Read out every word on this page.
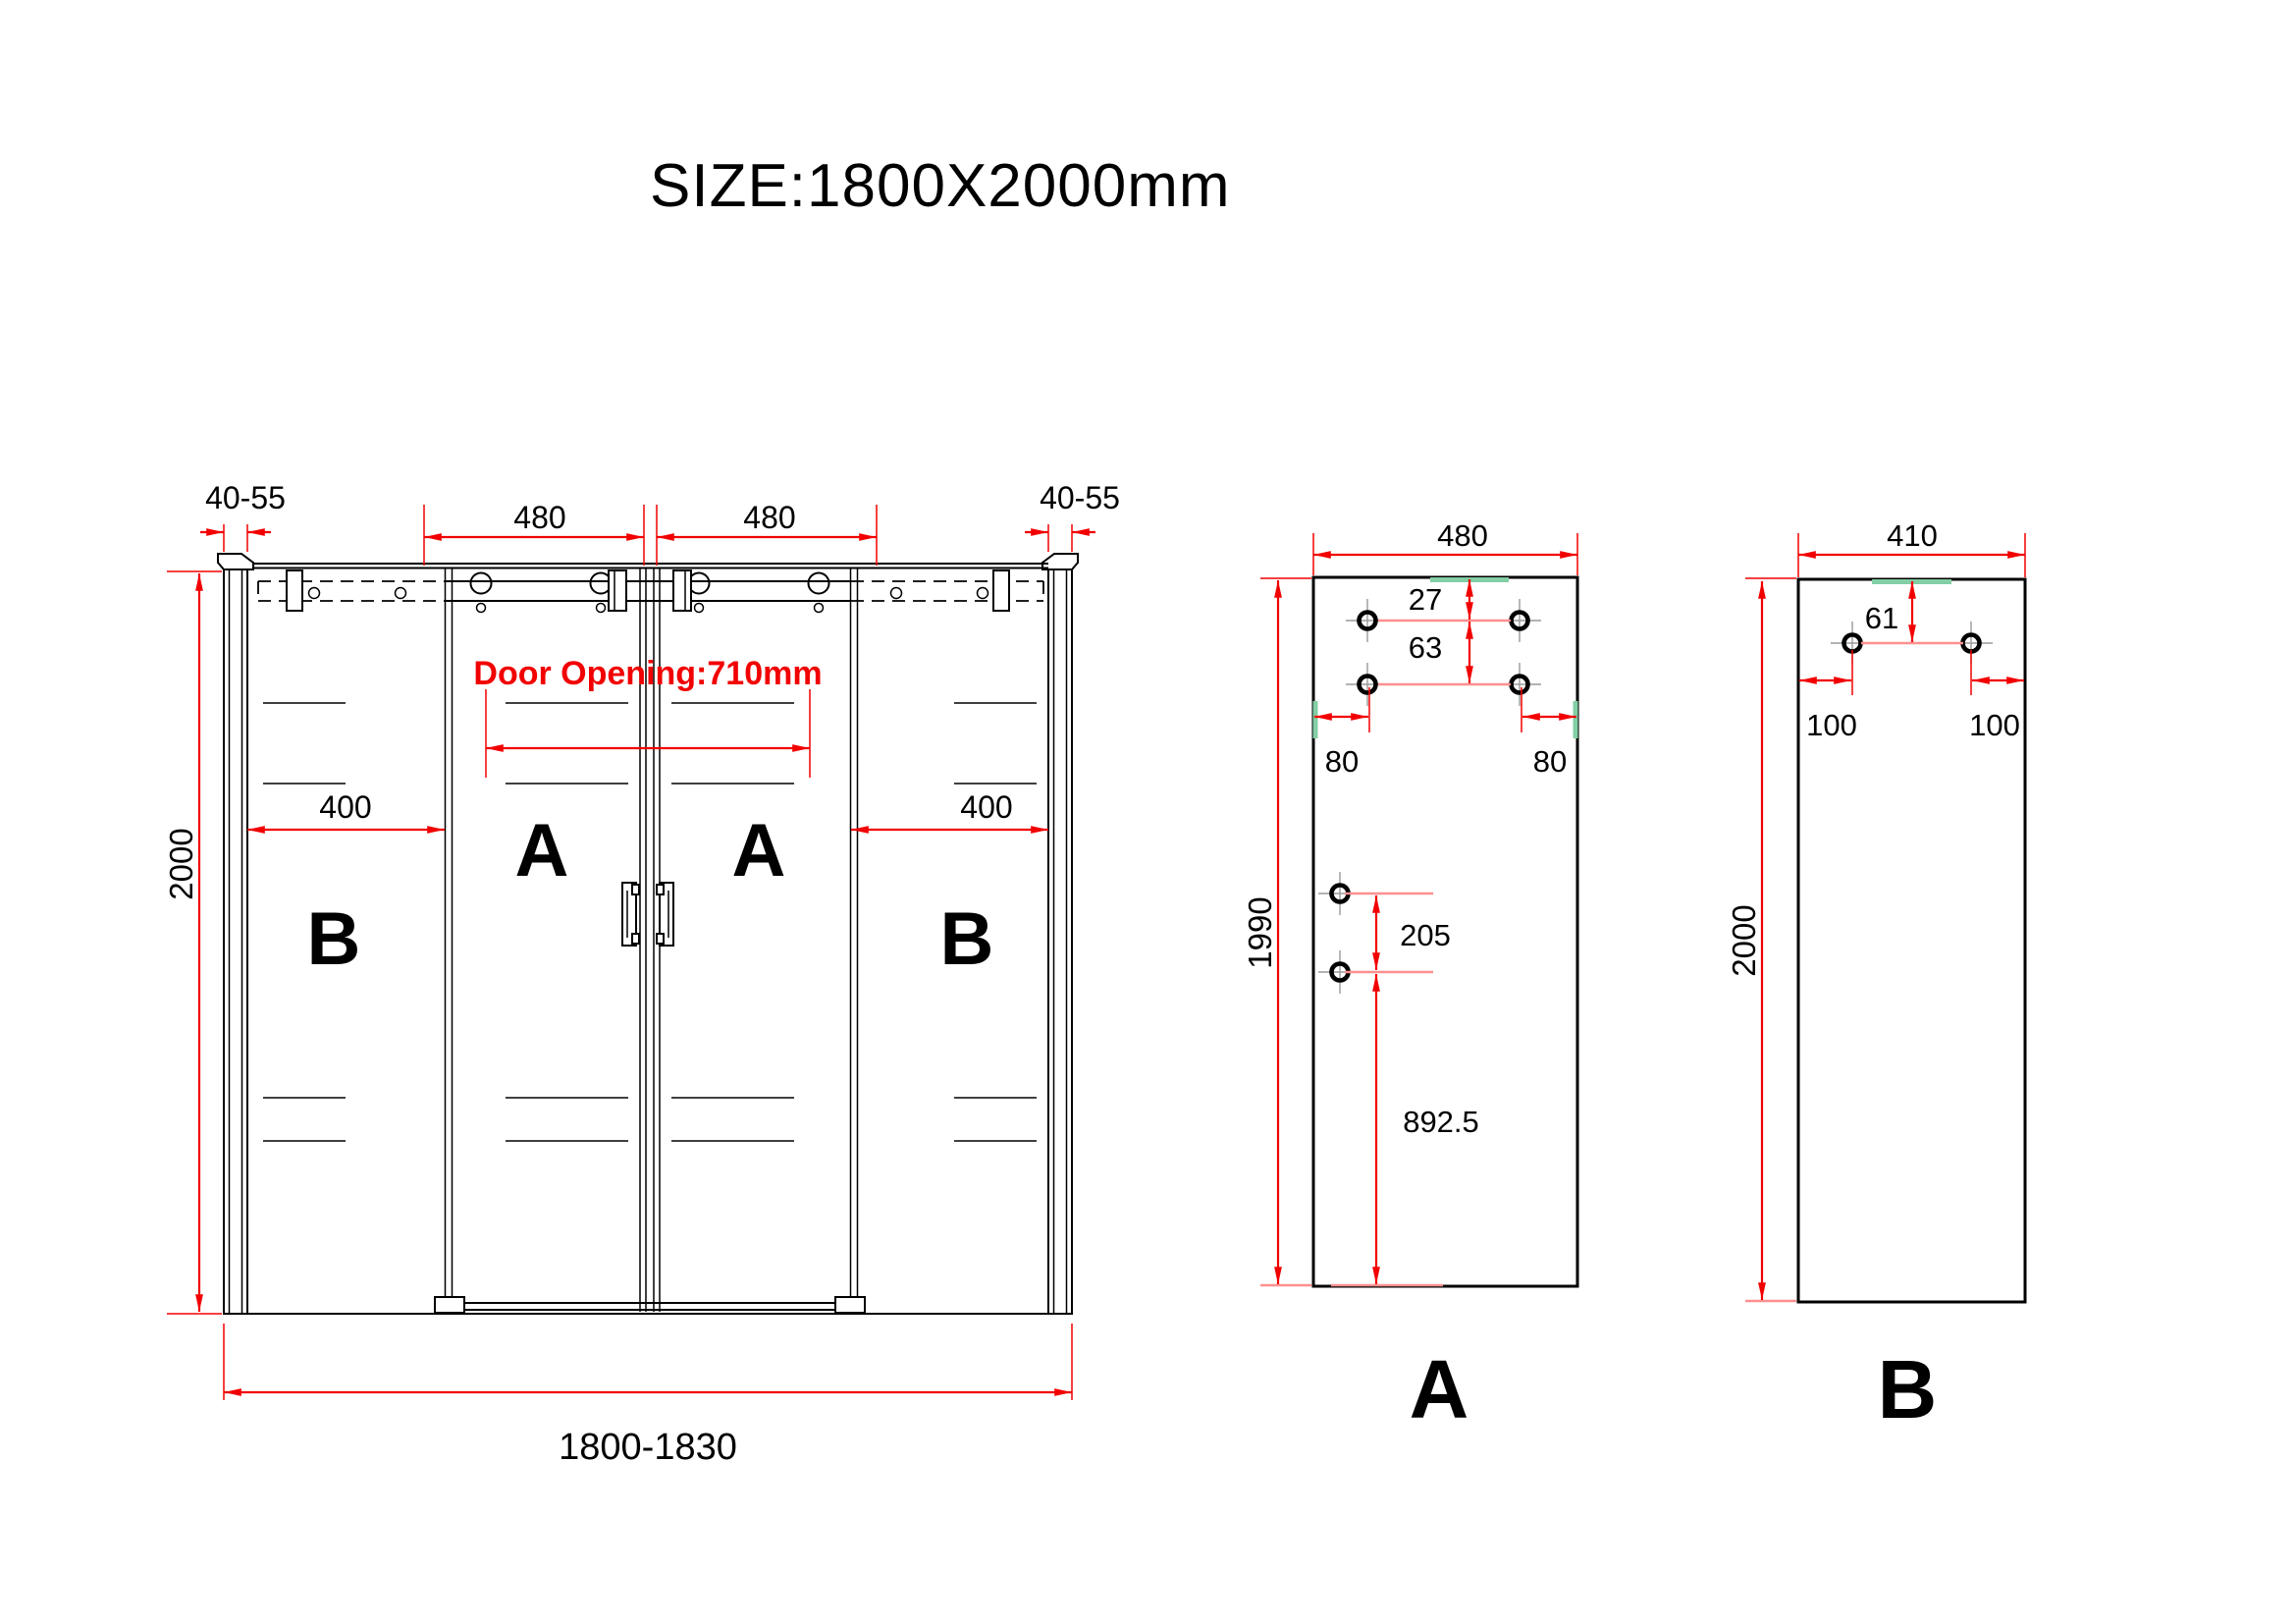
SIZE:1800X2000mm
B
A A
B
40-55	40-55
480	480
Door Opening:710mm
400	400
2000
1800-1830
480
1990
27
63
80	80
205
892.5
A
410
2000
61
100	100
B
